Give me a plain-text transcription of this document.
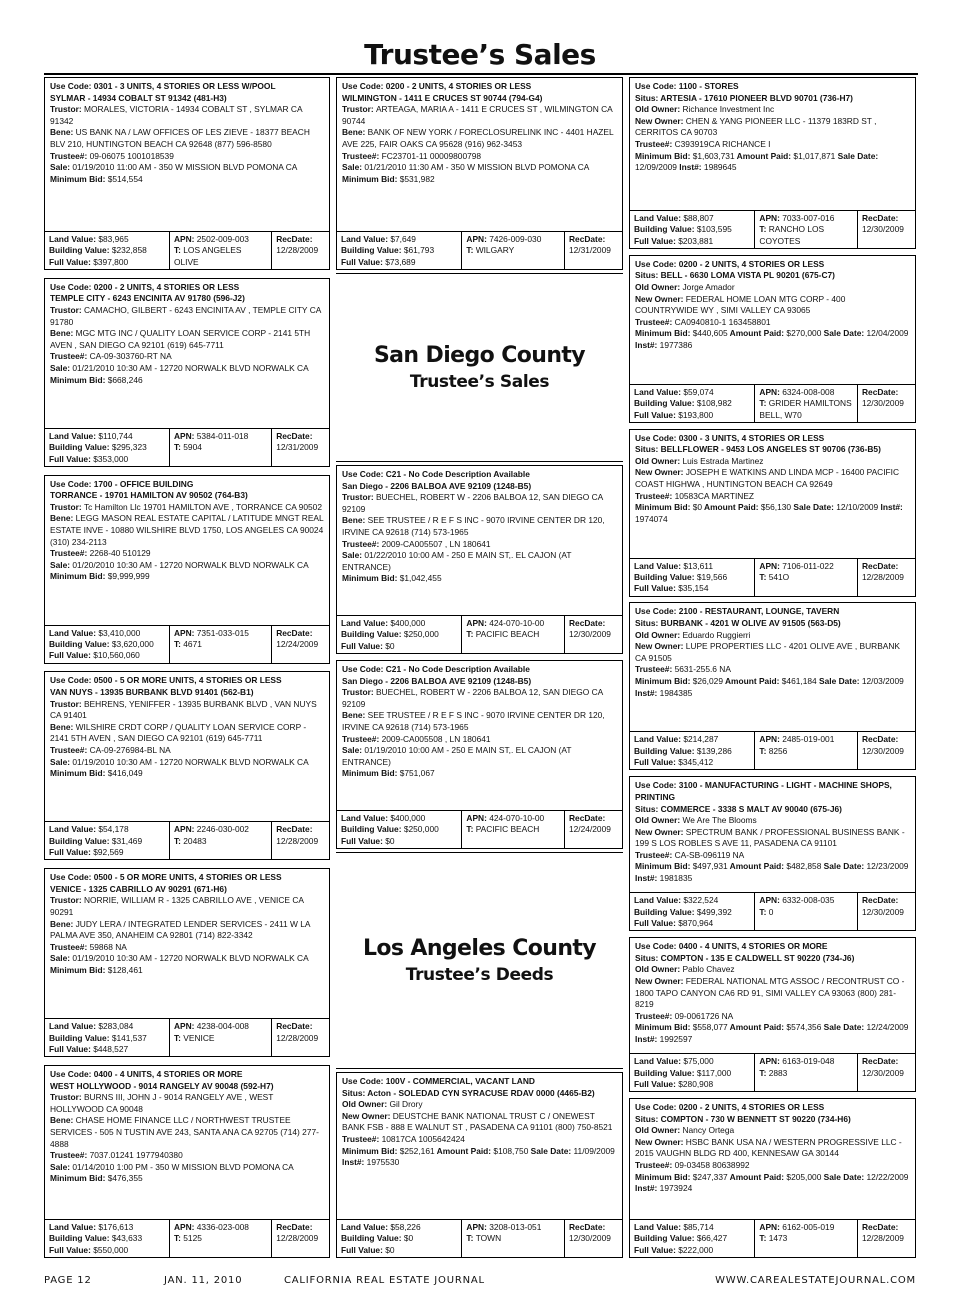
Trustee’s Sales
Use Code: 0301 - 3 UNITS, 4 STORIES OR LESS W/POOL
SYLMAR - 14934 COBALT ST 91342 (481-H3)
Trustor: MORALES, VICTORIA - 14934 COBALT ST , SYLMAR CA 91342
Bene: US BANK NA / LAW OFFICES OF LES ZIEVE - 18377 BEACH BLV 210, HUNTINGTON BEACH CA 92648 (877) 596-8580
Trustee#: 09-06075 1001018539
Sale: 01/19/2010 11:00 AM - 350 W MISSION BLVD POMONA CA
Minimum Bid: $514,554
Land Value: $83,965
Building Value: $232,858
Full Value: $397,800
APN: 2502-009-003
T: LOS ANGELES OLIVE
RecDate:
12/28/2009
Use Code: 0200 - 2 UNITS, 4 STORIES OR LESS
TEMPLE CITY - 6243 ENCINITA AV 91780 (596-J2)
Trustor: CAMACHO, GILBERT - 6243 ENCINITA AV , TEMPLE CITY CA 91780
Bene: MGC MTG INC / QUALITY LOAN SERVICE CORP - 2141 5TH AVEN , SAN DIEGO CA 92101 (619) 645-7711
Trustee#: CA-09-303760-RT NA
Sale: 01/21/2010 10:30 AM - 12720 NORWALK BLVD NORWALK CA
Minimum Bid: $668,246
Land Value: $110,744
Building Value: $295,323
Full Value: $353,000
APN: 5384-011-018
T: 5904
RecDate:
12/31/2009
Use Code: 1700 - OFFICE BUILDING
TORRANCE - 19701 HAMILTON AV 90502 (764-B3)
Trustor: Tc Hamilton Llc 19701 HAMILTON AVE , TORRANCE CA 90502
Bene: LEGG MASON REAL ESTATE CAPITAL / LATITUDE MNGT REAL ESTATE INVE - 10880 WILSHIRE BLVD 1750, LOS ANGELES CA 90024 (310) 234-2113
Trustee#: 2268-40 510129
Sale: 01/20/2010 10:30 AM - 12720 NORWALK BLVD NORWALK CA
Minimum Bid: $9,999,999
Land Value: $3,410,000
Building Value: $3,620,000
Full Value: $10,560,060
APN: 7351-033-015
T: 4671
RecDate:
12/24/2009
Use Code: 0500 - 5 OR MORE UNITS, 4 STORIES OR LESS
VAN NUYS - 13935 BURBANK BLVD 91401 (562-B1)
Trustor: BEHRENS, YENIFFER - 13935 BURBANK BLVD , VAN NUYS CA 91401
Bene: WILSHIRE CRDT CORP / QUALITY LOAN SERVICE CORP - 2141 5TH AVEN , SAN DIEGO CA 92101 (619) 645-7711
Trustee#: CA-09-276984-BL NA
Sale: 01/19/2010 10:30 AM - 12720 NORWALK BLVD NORWALK CA
Minimum Bid: $416,049
Land Value: $54,178
Building Value: $31,469
Full Value: $92,569
APN: 2246-030-002
T: 20483
RecDate:
12/28/2009
Use Code: 0500 - 5 OR MORE UNITS, 4 STORIES OR LESS
VENICE - 1325 CABRILLO AV 90291 (671-H6)
Trustor: NORRIE, WILLIAM R - 1325 CABRILLO AVE , VENICE CA 90291
Bene: JUDY LERA / INTEGRATED LENDER SERVICES - 2411 W LA PALMA AVE 350, ANAHEIM CA 92801 (714) 822-3342
Trustee#: 59868 NA
Sale: 01/19/2010 10:30 AM - 12720 NORWALK BLVD NORWALK CA
Minimum Bid: $128,461
Land Value: $283,084
Building Value: $141,537
Full Value: $448,527
APN: 4238-004-008
T: VENICE
RecDate:
12/28/2009
Use Code: 0400 - 4 UNITS, 4 STORIES OR MORE
WEST HOLLYWOOD - 9014 RANGELY AV 90048 (592-H7)
Trustor: BURNS III, JOHN J - 9014 RANGELY AVE , WEST HOLLYWOOD CA 90048
Bene: CHASE HOME FINANCE LLC / NORTHWEST TRUSTEE SERVICES - 505 N TUSTIN AVE 243, SANTA ANA CA 92705 (714) 277-4888
Trustee#: 7037.01241 1977940380
Sale: 01/14/2010 1:00 PM - 350 W MISSION BLVD POMONA CA
Minimum Bid: $476,355
Land Value: $176,613
Building Value: $43,633
Full Value: $550,000
APN: 4336-023-008
T: 5125
RecDate:
12/28/2009
Use Code: 0200 - 2 UNITS, 4 STORIES OR LESS
WILMINGTON - 1411 E CRUCES ST 90744 (794-G4)
Trustor: ARTEAGA, MARIA A - 1411 E CRUCES ST , WILMINGTON CA 90744
Bene: BANK OF NEW YORK / FORECLOSURELINK INC - 4401 HAZEL AVE 225, FAIR OAKS CA 95628 (916) 962-3453
Trustee#: FC23701-11 00009800798
Sale: 01/21/2010 11:30 AM - 350 W MISSION BLVD POMONA CA
Minimum Bid: $531,982
Land Value: $7,649
Building Value: $61,793
Full Value: $73,689
APN: 7426-009-030
T: WILGARY
RecDate:
12/31/2009
San Diego County
Trustee’s Sales
Use Code: C21 - No Code Description Available
San Diego - 2206 BALBOA AVE 92109 (1248-B5)
Trustor: BUECHEL, ROBERT W - 2206 BALBOA 12, SAN DIEGO CA 92109
Bene: SEE TRUSTEE / R E F S INC - 9070 IRVINE CENTER DR 120, IRVINE CA 92618 (714) 573-1965
Trustee#: 2009-CA005507 , LN 180641
Sale: 01/22/2010 10:00 AM - 250 E MAIN ST,. EL CAJON (AT ENTRANCE)
Minimum Bid: $1,042,455
Land Value: $400,000
Building Value: $250,000
Full Value: $0
APN: 424-070-10-00
T: PACIFIC BEACH
RecDate:
12/30/2009
Use Code: C21 - No Code Description Available
San Diego - 2206 BALBOA AVE 92109 (1248-B5)
Trustor: BUECHEL, ROBERT W - 2206 BALBOA 12, SAN DIEGO CA 92109
Bene: SEE TRUSTEE / R E F S INC - 9070 IRVINE CENTER DR 120, IRVINE CA 92618 (714) 573-1965
Trustee#: 2009-CA005508 , LN 180641
Sale: 01/19/2010 10:00 AM - 250 E MAIN ST,. EL CAJON (AT ENTRANCE)
Minimum Bid: $751,067
Land Value: $400,000
Building Value: $250,000
Full Value: $0
APN: 424-070-10-00
T: PACIFIC BEACH
RecDate:
12/24/2009
Los Angeles County
Trustee’s Deeds
Use Code: 100V - COMMERCIAL, VACANT LAND
Situs: Acton - SOLEDAD CYN SYRACUSE RDAV 0000 (4465-B2)
Old Owner: Gil Drory
New Owner: DEUSTCHE BANK NATIONAL TRUST C / ONEWEST BANK FSB - 888 E WALNUT ST , PASADENA CA 91101 (800) 750-8521
Trustee#: 10817CA 1005642424
Minimum Bid: $252,161 Amount Paid: $108,750 Sale Date: 11/09/2009 Inst#: 1975530
Land Value: $58,226
Building Value: $0
Full Value: $0
APN: 3208-013-051
T: TOWN
RecDate:
12/30/2009
Use Code: 1100 - STORES
Situs: ARTESIA - 17610 PIONEER BLVD 90701 (736-H7)
Old Owner: Richance Investment Inc
New Owner: CHEN & YANG PIONEER LLC - 11379 183RD ST , CERRITOS CA 90703
Trustee#: C393919CA RICHANCE I
Minimum Bid: $1,603,731 Amount Paid: $1,017,871 Sale Date: 12/09/2009 Inst#: 1989645
Land Value: $88,807
Building Value: $103,595
Full Value: $203,881
APN: 7033-007-016
T: RANCHO LOS COYOTES
RecDate:
12/30/2009
Use Code: 0200 - 2 UNITS, 4 STORIES OR LESS
Situs: BELL - 6630 LOMA VISTA PL 90201 (675-C7)
Old Owner: Jorge Amador
New Owner: FEDERAL HOME LOAN MTG CORP - 400 COUNTRYWIDE WY , SIMI VALLEY CA 93065
Trustee#: CA0940810-1 163458801
Minimum Bid: $440,605 Amount Paid: $270,000 Sale Date: 12/04/2009 Inst#: 1977386
Land Value: $59,074
Building Value: $108,982
Full Value: $193,800
APN: 6324-008-008
T: GRIDER HAMILTONS BELL, W70
RecDate:
12/30/2009
Use Code: 0300 - 3 UNITS, 4 STORIES OR LESS
Situs: BELLFLOWER - 9453 LOS ANGELES ST 90706 (736-B5)
Old Owner: Luis Estrada Martinez
New Owner: JOSEPH E WATKINS AND LINDA MCP - 16400 PACIFIC COAST HIGHWA , HUNTINGTON BEACH CA 92649
Trustee#: 10583CA MARTINEZ
Minimum Bid: $0 Amount Paid: $56,130 Sale Date: 12/10/2009 Inst#: 1974074
Land Value: $13,611
Building Value: $19,566
Full Value: $35,154
APN: 7106-011-022
T: 541O
RecDate:
12/28/2009
Use Code: 2100 - RESTAURANT, LOUNGE, TAVERN
Situs: BURBANK - 4201 W OLIVE AV 91505 (563-D5)
Old Owner: Eduardo Ruggierri
New Owner: LUPE PROPERTIES LLC - 4201 OLIVE AVE , BURBANK CA 91505
Trustee#: 5631-255.6 NA
Minimum Bid: $26,029 Amount Paid: $461,184 Sale Date: 12/03/2009 Inst#: 1984385
Land Value: $214,287
Building Value: $139,286
Full Value: $345,412
APN: 2485-019-001
T: 8256
RecDate:
12/30/2009
Use Code: 3100 - MANUFACTURING - LIGHT - MACHINE SHOPS, PRINTING
Situs: COMMERCE - 3338 S MALT AV 90040 (675-J6)
Old Owner: We Are The Blooms
New Owner: SPECTRUM BANK / PROFESSIONAL BUSINESS BANK - 199 S LOS ROBLES S AVE 11, PASADENA CA 91101
Trustee#: CA-SB-096119 NA
Minimum Bid: $497,931 Amount Paid: $482,858 Sale Date: 12/23/2009 Inst#: 1981835
Land Value: $322,524
Building Value: $499,392
Full Value: $870,964
APN: 6332-008-035
T: 0
RecDate:
12/30/2009
Use Code: 0400 - 4 UNITS, 4 STORIES OR MORE
Situs: COMPTON - 135 E CALDWELL ST 90220 (734-J6)
Old Owner: Pablo Chavez
New Owner: FEDERAL NATIONAL MTG ASSOC / RECONTRUST CO - 1800 TAPO CANYON CA6 RD 91, SIMI VALLEY CA 93063 (800) 281-8219
Trustee#: 09-0061726 NA
Minimum Bid: $558,077 Amount Paid: $574,356 Sale Date: 12/24/2009 Inst#: 1992597
Land Value: $75,000
Building Value: $117,000
Full Value: $280,908
APN: 6163-019-048
T: 2883
RecDate:
12/30/2009
Use Code: 0200 - 2 UNITS, 4 STORIES OR LESS
Situs: COMPTON - 730 W BENNETT ST 90220 (734-H6)
Old Owner: Nancy Ortega
New Owner: HSBC BANK USA NA / WESTERN PROGRESSIVE LLC - 2015 VAUGHN BLDG RD 400, KENNESAW GA 30144
Trustee#: 09-03458 80638992
Minimum Bid: $247,337 Amount Paid: $205,000 Sale Date: 12/22/2009 Inst#: 1973924
Land Value: $85,714
Building Value: $66,427
Full Value: $222,000
APN: 6162-005-019
T: 1473
RecDate:
12/28/2009
PAGE 12	JAN. 11, 2010	CALIFORNIA REAL ESTATE JOURNAL	WWW.CAREALESTATEJOURNAL.COM
